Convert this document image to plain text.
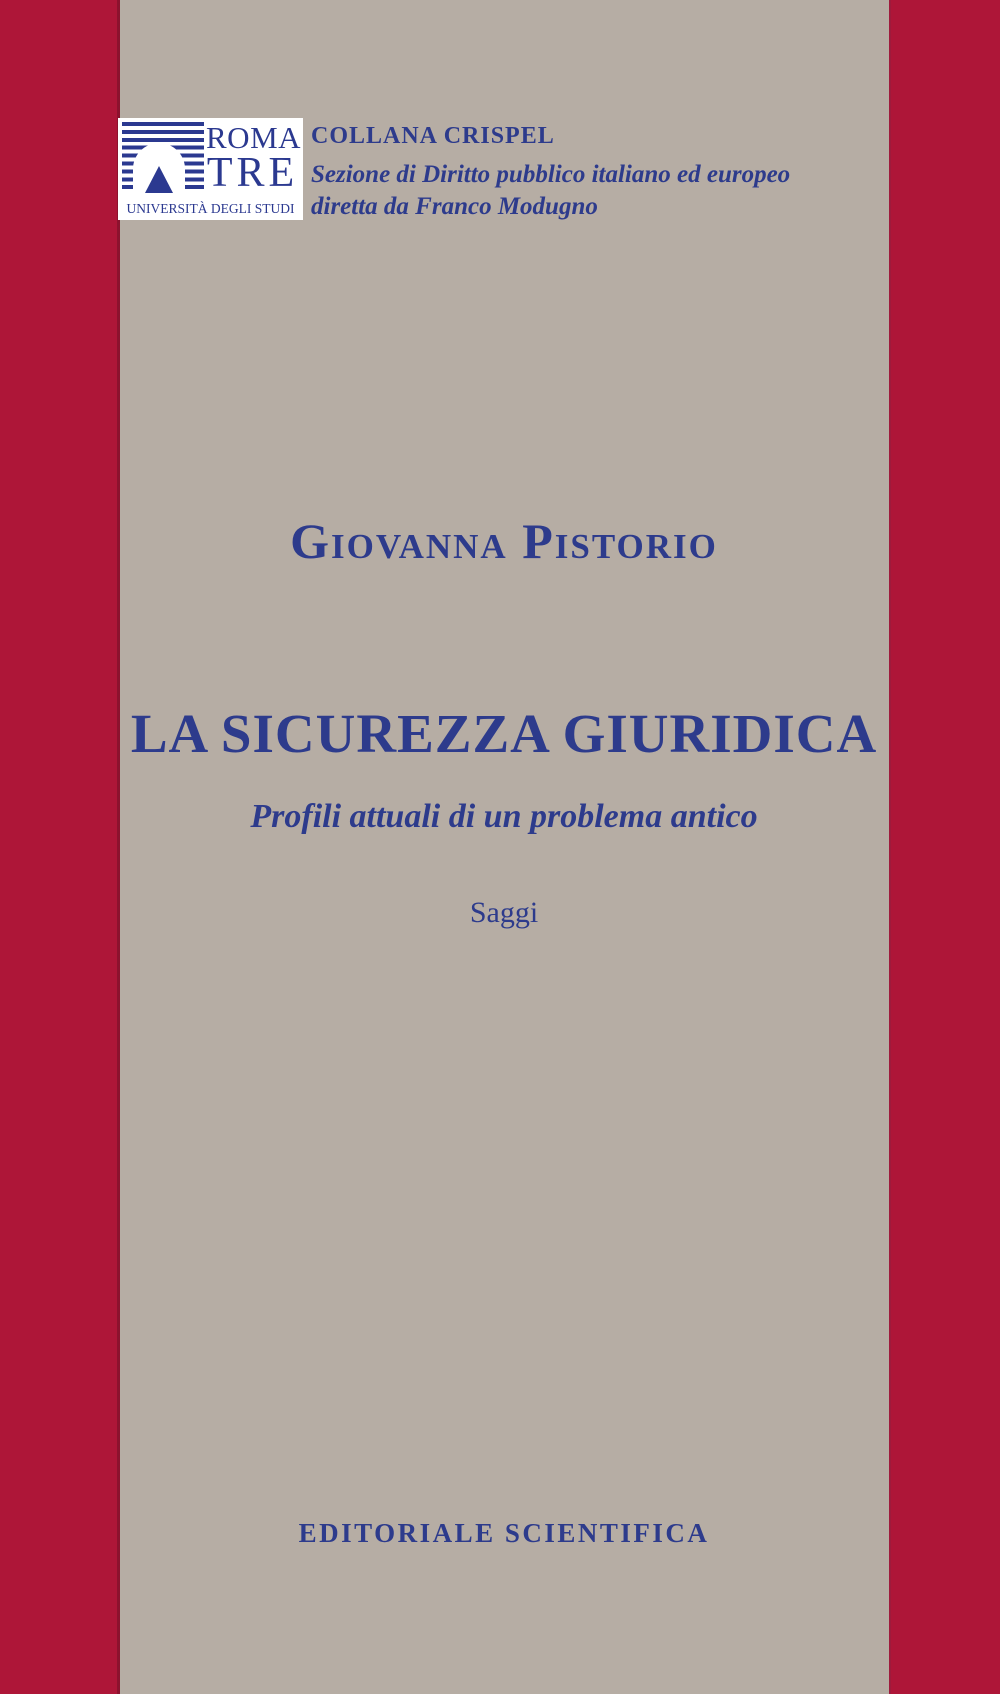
ROMA
TRE
UNIVERSITÀ DEGLI STUDI
COLLANA CRISPEL
Sezione di Diritto pubblico italiano ed europeo
diretta da Franco Modugno
Giovanna Pistorio
LA SICUREZZA GIURIDICA
Profili attuali di un problema antico
Saggi
EDITORIALE SCIENTIFICA
